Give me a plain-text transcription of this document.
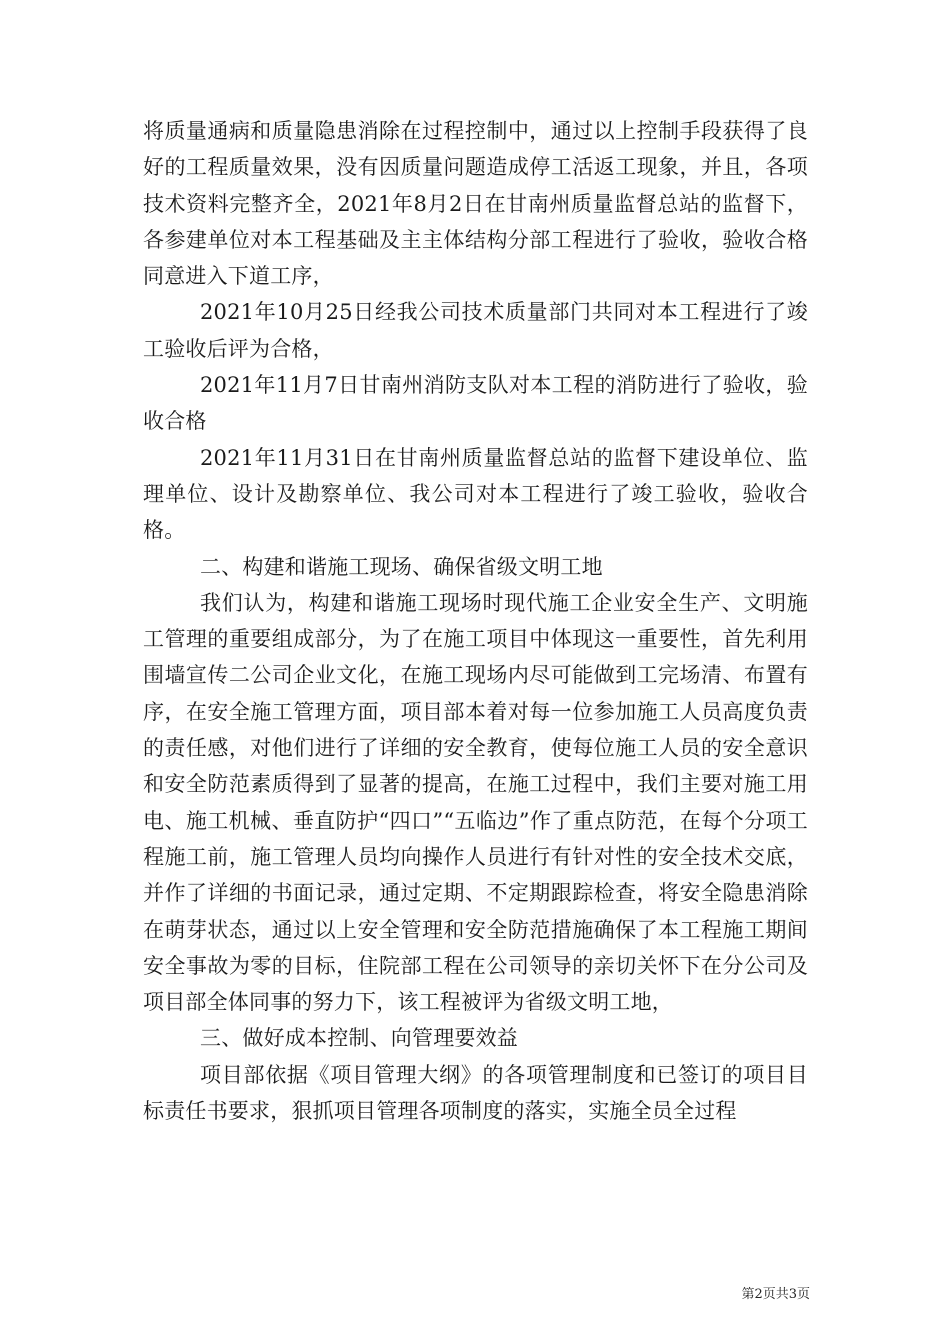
将质量通病和质量隐患消除在过程控制中，通过以上控制手段获得了良好的工程质量效果，没有因质量问题造成停工活返工现象，并且，各项技术资料完整齐全，2021年8月2日在甘南州质量监督总站的监督下，各参建单位对本工程基础及主主体结构分部工程进行了验收，验收合格同意进入下道工序，

2021年10月25日经我公司技术质量部门共同对本工程进行了竣工验收后评为合格，

2021年11月7日甘南州消防支队对本工程的消防进行了验收，验收合格

2021年11月31日在甘南州质量监督总站的监督下建设单位、监理单位、设计及勘察单位、我公司对本工程进行了竣工验收，验收合格。

二、构建和谐施工现场、确保省级文明工地

我们认为，构建和谐施工现场时现代施工企业安全生产、文明施工管理的重要组成部分，为了在施工项目中体现这一重要性，首先利用围墙宣传二公司企业文化，在施工现场内尽可能做到工完场清、布置有序，在安全施工管理方面，项目部本着对每一位参加施工人员高度负责的责任感，对他们进行了详细的安全教育，使每位施工人员的安全意识和安全防范素质得到了显著的提高，在施工过程中，我们主要对施工用电、施工机械、垂直防护“四口”“五临边”作了重点防范，在每个分项工程施工前，施工管理人员均向操作人员进行有针对性的安全技术交底，并作了详细的书面记录，通过定期、不定期跟踪检查，将安全隐患消除在萌芽状态，通过以上安全管理和安全防范措施确保了本工程施工期间安全事故为零的目标，住院部工程在公司领导的亲切关怀下在分公司及项目部全体同事的努力下，该工程被评为省级文明工地，

三、做好成本控制、向管理要效益

项目部依据《项目管理大纲》的各项管理制度和已签订的项目目标责任书要求，狠抓项目管理各项制度的落实，实施全员全过程

第2页共3页
